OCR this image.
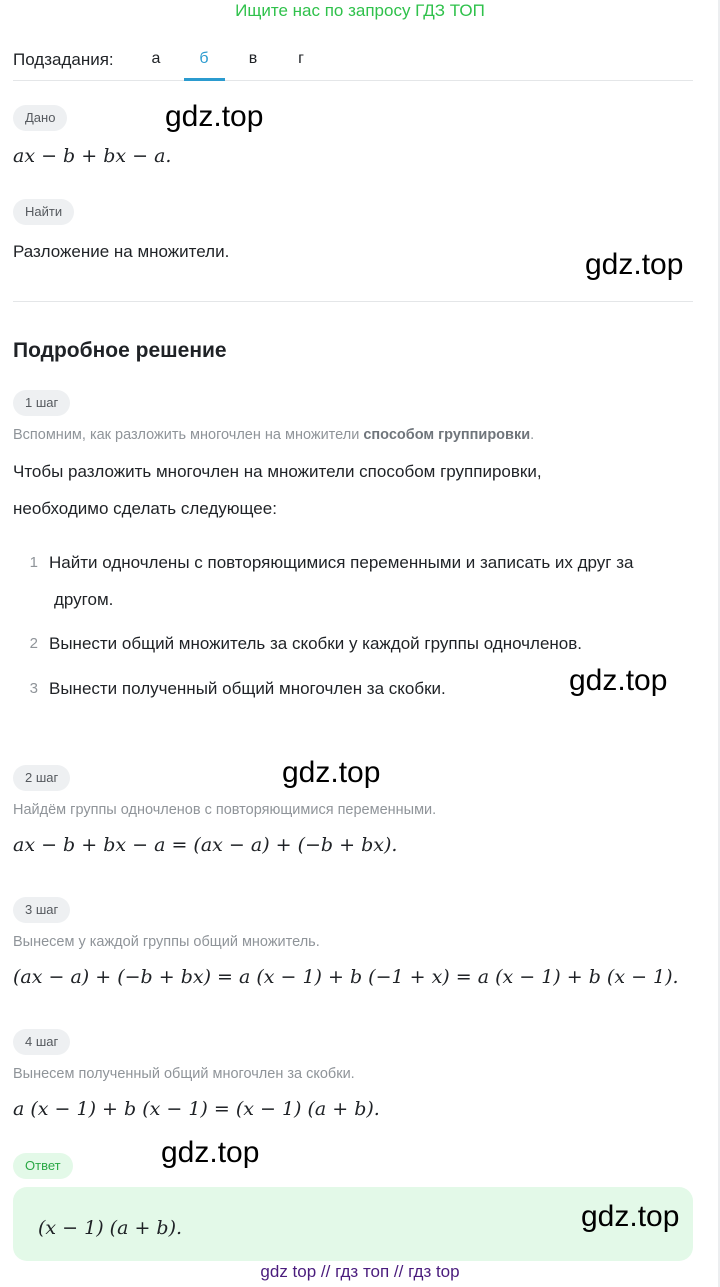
Ищите нас по запросу ГДЗ ТОП
Подзадания:	а	б	в	г
Дано
ax − b + bx − a.
Найти
Разложение на множители.
Подробное решение
1 шаг
Вспомним, как разложить многочлен на множители способом группировки.
Чтобы разложить многочлен на множители способом группировки,
необходимо сделать следующее:
1 Найти одночлены с повторяющимися переменными и записать их друг за
другом.
2 Вынести общий множитель за скобки у каждой группы одночленов.
3 Вынести полученный общий многочлен за скобки.
2 шаг
Найдём группы одночленов с повторяющимися переменными.
ax − b + bx − a = (ax − a) + (−b + bx).
3 шаг
Вынесем у каждой группы общий множитель.
(ax − a) + (−b + bx) = a (x − 1) + b (−1 + x) = a (x − 1) + b (x − 1).
4 шаг
Вынесем полученный общий многочлен за скобки.
a (x − 1) + b (x − 1) = (x − 1) (a + b).
Ответ
(x − 1) (a + b).
gdz.top
gdz.top
gdz.top
gdz.top
gdz.top
gdz.top
gdz top // гдз топ // гдз top
